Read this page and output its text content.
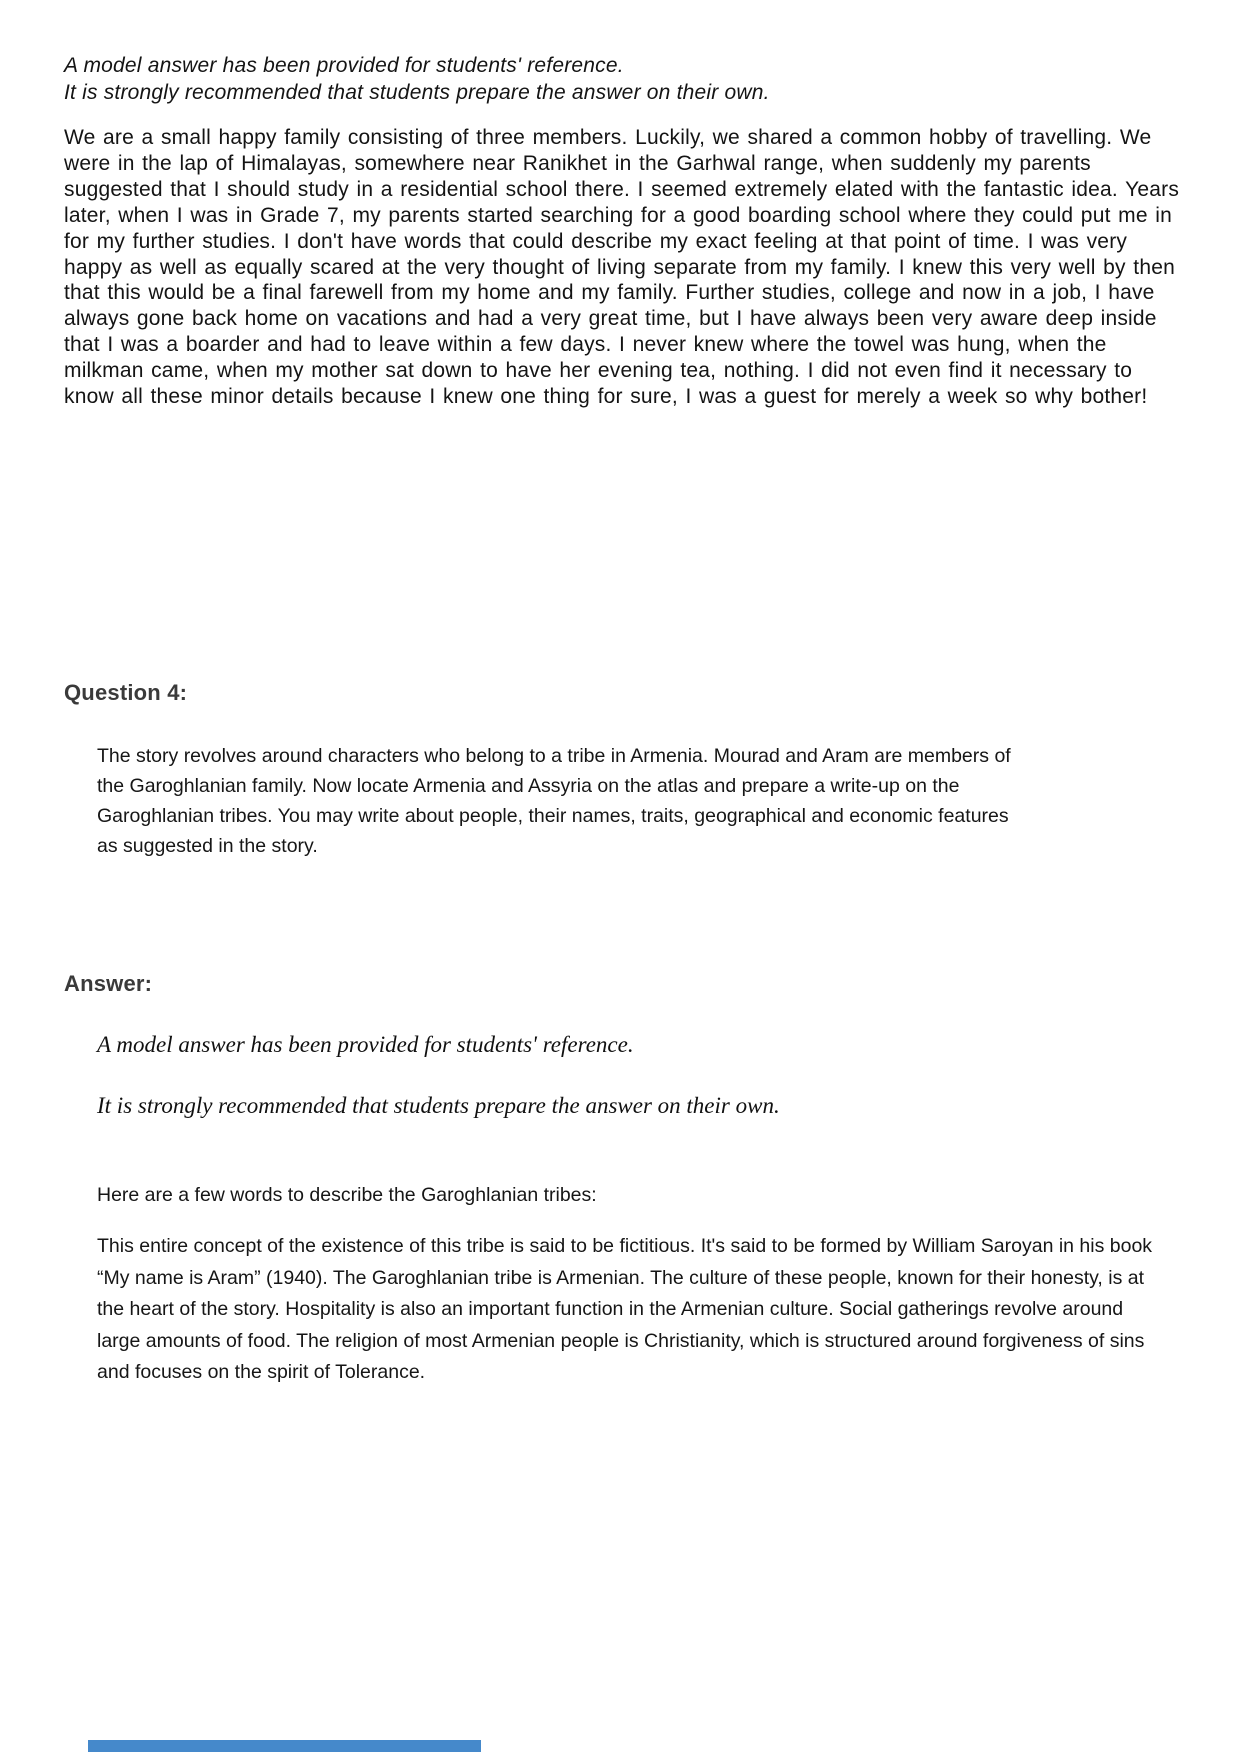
A model answer has been provided for students' reference.
It is strongly recommended that students prepare the answer on their own.
We are a small happy family consisting of three members. Luckily, we shared a common hobby of travelling. We were in the lap of Himalayas, somewhere near Ranikhet in the Garhwal range, when suddenly my parents suggested that I should study in a residential school there. I seemed extremely elated with the fantastic idea. Years later, when I was in Grade 7, my parents started searching for a good boarding school where they could put me in for my further studies. I don't have words that could describe my exact feeling at that point of time. I was very happy as well as equally scared at the very thought of living separate from my family. I knew this very well by then that this would be a final farewell from my home and my family. Further studies, college and now in a job, I have always gone back home on vacations and had a very great time, but I have always been very aware deep inside that I was a boarder and had to leave within a few days. I never knew where the towel was hung, when the milkman came, when my mother sat down to have her evening tea, nothing. I did not even find it necessary to know all these minor details because I knew one thing for sure, I was a guest for merely a week so why bother!
Question 4:
The story revolves around characters who belong to a tribe in Armenia. Mourad and Aram are members of the Garoghlanian family. Now locate Armenia and Assyria on the atlas and prepare a write-up on the Garoghlanian tribes. You may write about people, their names, traits, geographical and economic features as suggested in the story.
Answer:
A model answer has been provided for students' reference.
It is strongly recommended that students prepare the answer on their own.
Here are a few words to describe the Garoghlanian tribes:
This entire concept of the existence of this tribe is said to be fictitious. It's said to be formed by William Saroyan in his book “My name is Aram” (1940). The Garoghlanian tribe is Armenian. The culture of these people, known for their honesty, is at the heart of the story. Hospitality is also an important function in the Armenian culture. Social gatherings revolve around large amounts of food. The religion of most Armenian people is Christianity, which is structured around forgiveness of sins and focuses on the spirit of Tolerance.
